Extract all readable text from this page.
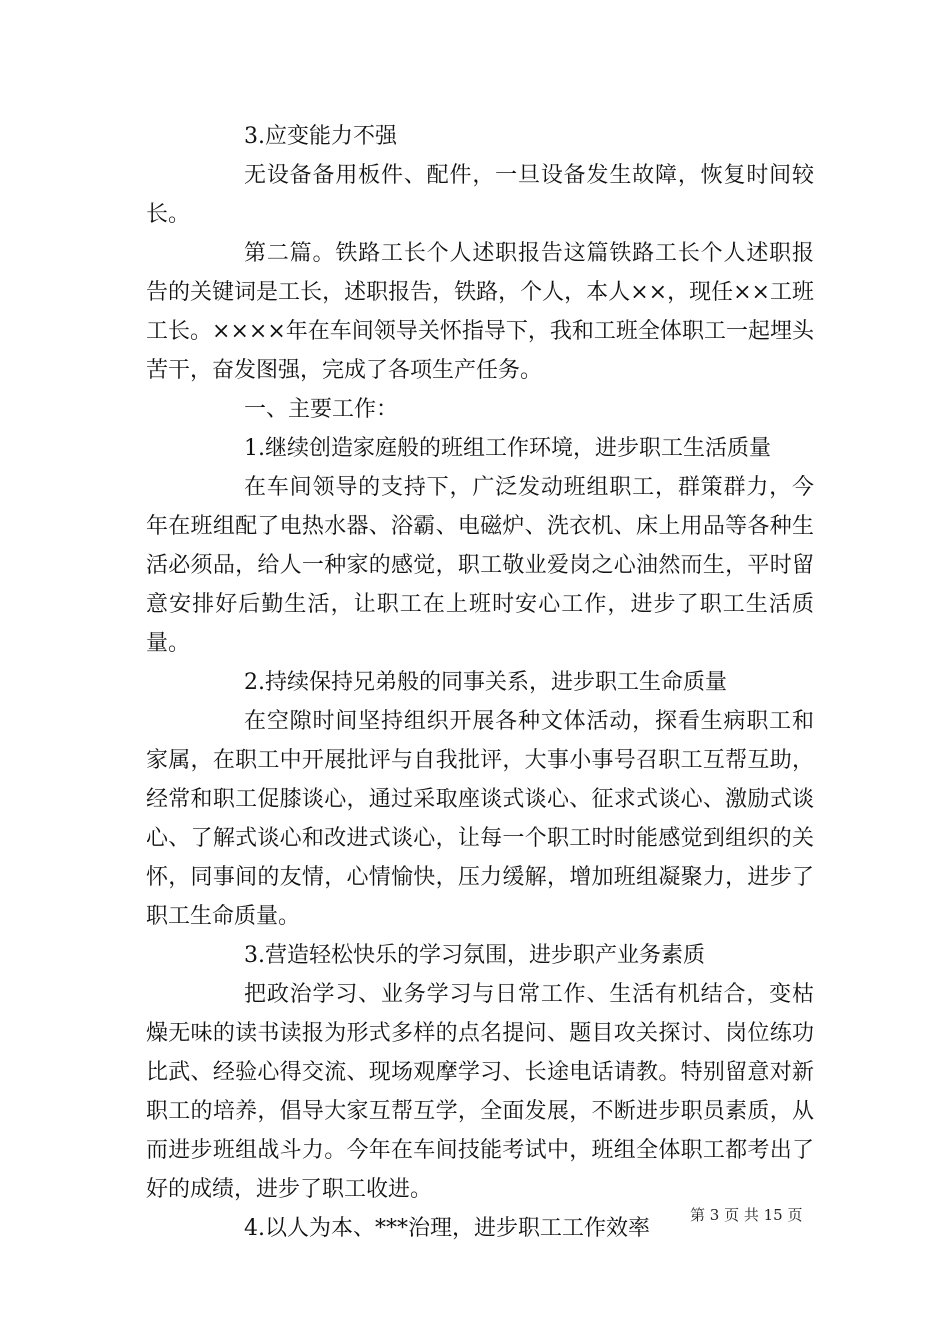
3.应变能力不强

无设备备用板件、配件，一旦设备发生故障，恢复时间较长。

第二篇。铁路工长个人述职报告这篇铁路工长个人述职报告的关键词是工长，述职报告，铁路，个人，本人××，现任××工班工长。××××年在车间领导关怀指导下，我和工班全体职工一起埋头苦干，奋发图强，完成了各项生产任务。

一、主要工作：

1.继续创造家庭般的班组工作环境，进步职工生活质量

在车间领导的支持下，广泛发动班组职工，群策群力，今年在班组配了电热水器、浴霸、电磁炉、洗衣机、床上用品等各种生活必须品，给人一种家的感觉，职工敬业爱岗之心油然而生，平时留意安排好后勤生活，让职工在上班时安心工作，进步了职工生活质量。

2.持续保持兄弟般的同事关系，进步职工生命质量

在空隙时间坚持组织开展各种文体活动，探看生病职工和家属，在职工中开展批评与自我批评，大事小事号召职工互帮互助，经常和职工促膝谈心，通过采取座谈式谈心、征求式谈心、激励式谈心、了解式谈心和改进式谈心，让每一个职工时时能感觉到组织的关怀，同事间的友情，心情愉快，压力缓解，增加班组凝聚力，进步了职工生命质量。

3.营造轻松快乐的学习氛围，进步职产业务素质

把政治学习、业务学习与日常工作、生活有机结合，变枯燥无味的读书读报为形式多样的点名提问、题目攻关探讨、岗位练功比武、经验心得交流、现场观摩学习、长途电话请教。特别留意对新职工的培养，倡导大家互帮互学，全面发展，不断进步职员素质，从而进步班组战斗力。今年在车间技能考试中，班组全体职工都考出了好的成绩，进步了职工收进。

4.以人为本、***治理，进步职工工作效率

第 3 页 共 15 页
